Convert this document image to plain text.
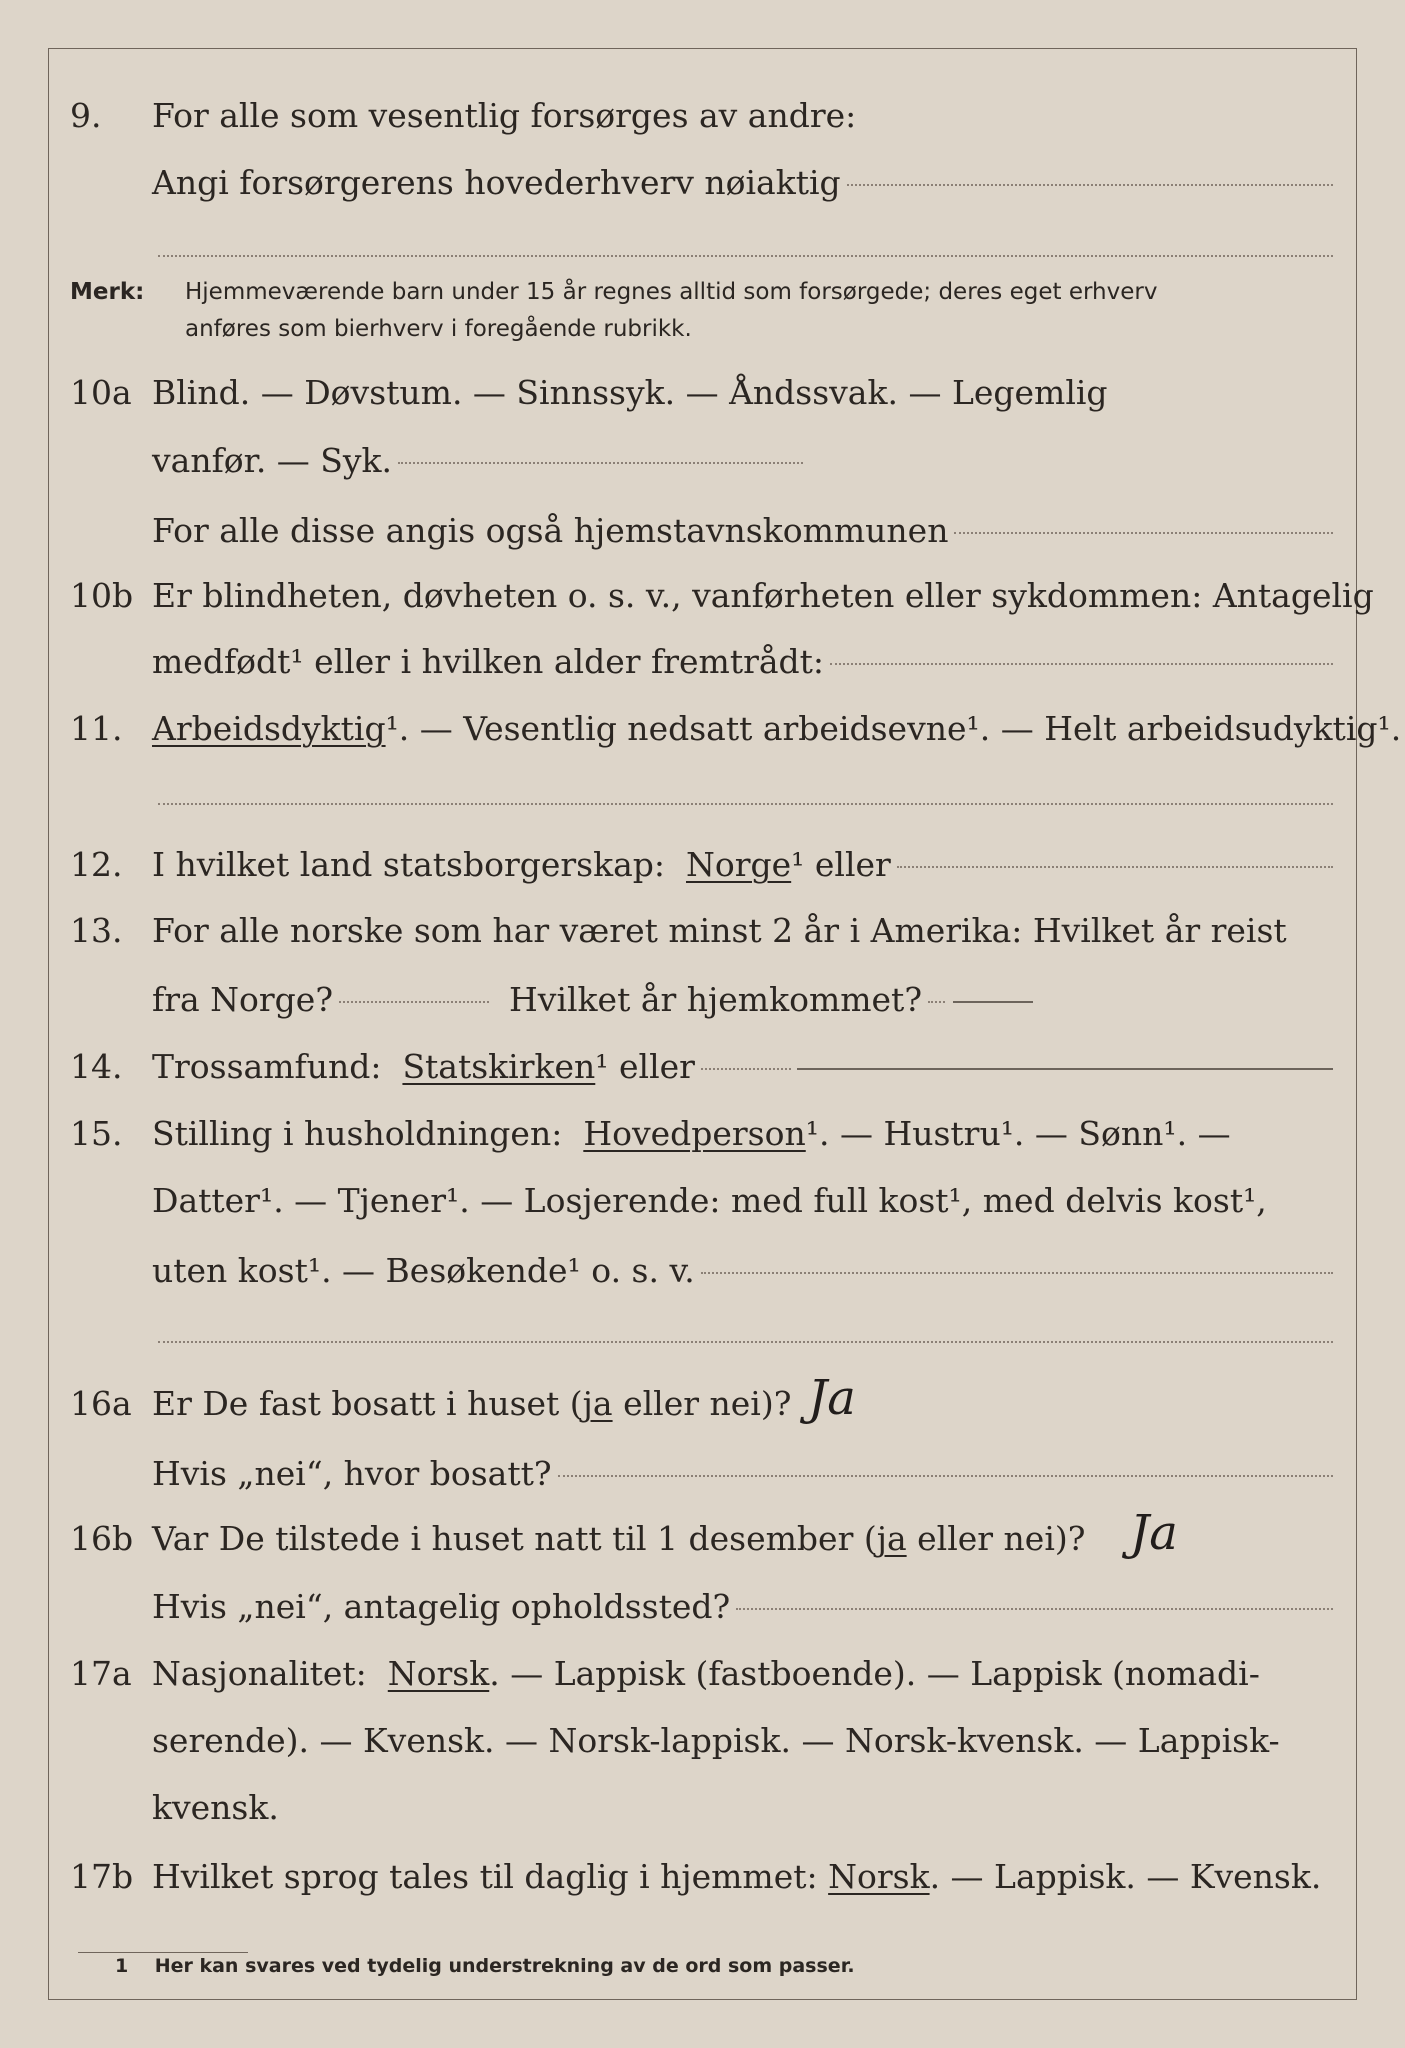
9.	For alle som vesentlig forsørges av andre:
Angi forsørgerens hovederhverv nøiaktig
Merk: Hjemmeværende barn under 15 år regnes alltid som forsørgede; deres eget erhverv
anføres som bierhverv i foregående rubrikk.
10a Blind. — Døvstum. — Sinnssyk. — Åndssvak. — Legemlig
vanfør. — Syk.
For alle disse angis også hjemstavnskommunen
10b Er blindheten, døvheten o. s. v., vanførheten eller sykdommen: Antagelig
medfødt¹ eller i hvilken alder fremtrådt:
11. Arbeidsdyktig¹. — Vesentlig nedsatt arbeidsevne¹. — Helt arbeidsudyktig¹.
12. I hvilket land statsborgerskap: Norge¹ eller
13. For alle norske som har været minst 2 år i Amerika: Hvilket år reist
fra Norge?	Hvilket år hjemkommet?
14. Trossamfund: Statskirken¹ eller
15. Stilling i husholdningen: Hovedperson¹. — Hustru¹. — Sønn¹. —
Datter¹. — Tjener¹. — Losjerende: med full kost¹, med delvis kost¹,
uten kost¹. — Besøkende¹ o. s. v.
16a Er De fast bosatt i huset (ja eller nei)? Ja
Hvis „nei“, hvor bosatt?
16b Var De tilstede i huset natt til 1 desember (ja eller nei)? Ja
Hvis „nei“, antagelig opholdssted?
17a Nasjonalitet: Norsk. — Lappisk (fastboende). — Lappisk (nomadi-
serende). — Kvensk. — Norsk-lappisk. — Norsk-kvensk. — Lappisk-
kvensk.
17b Hvilket sprog tales til daglig i hjemmet: Norsk. — Lappisk. — Kvensk.
1 Her kan svares ved tydelig understrekning av de ord som passer.
